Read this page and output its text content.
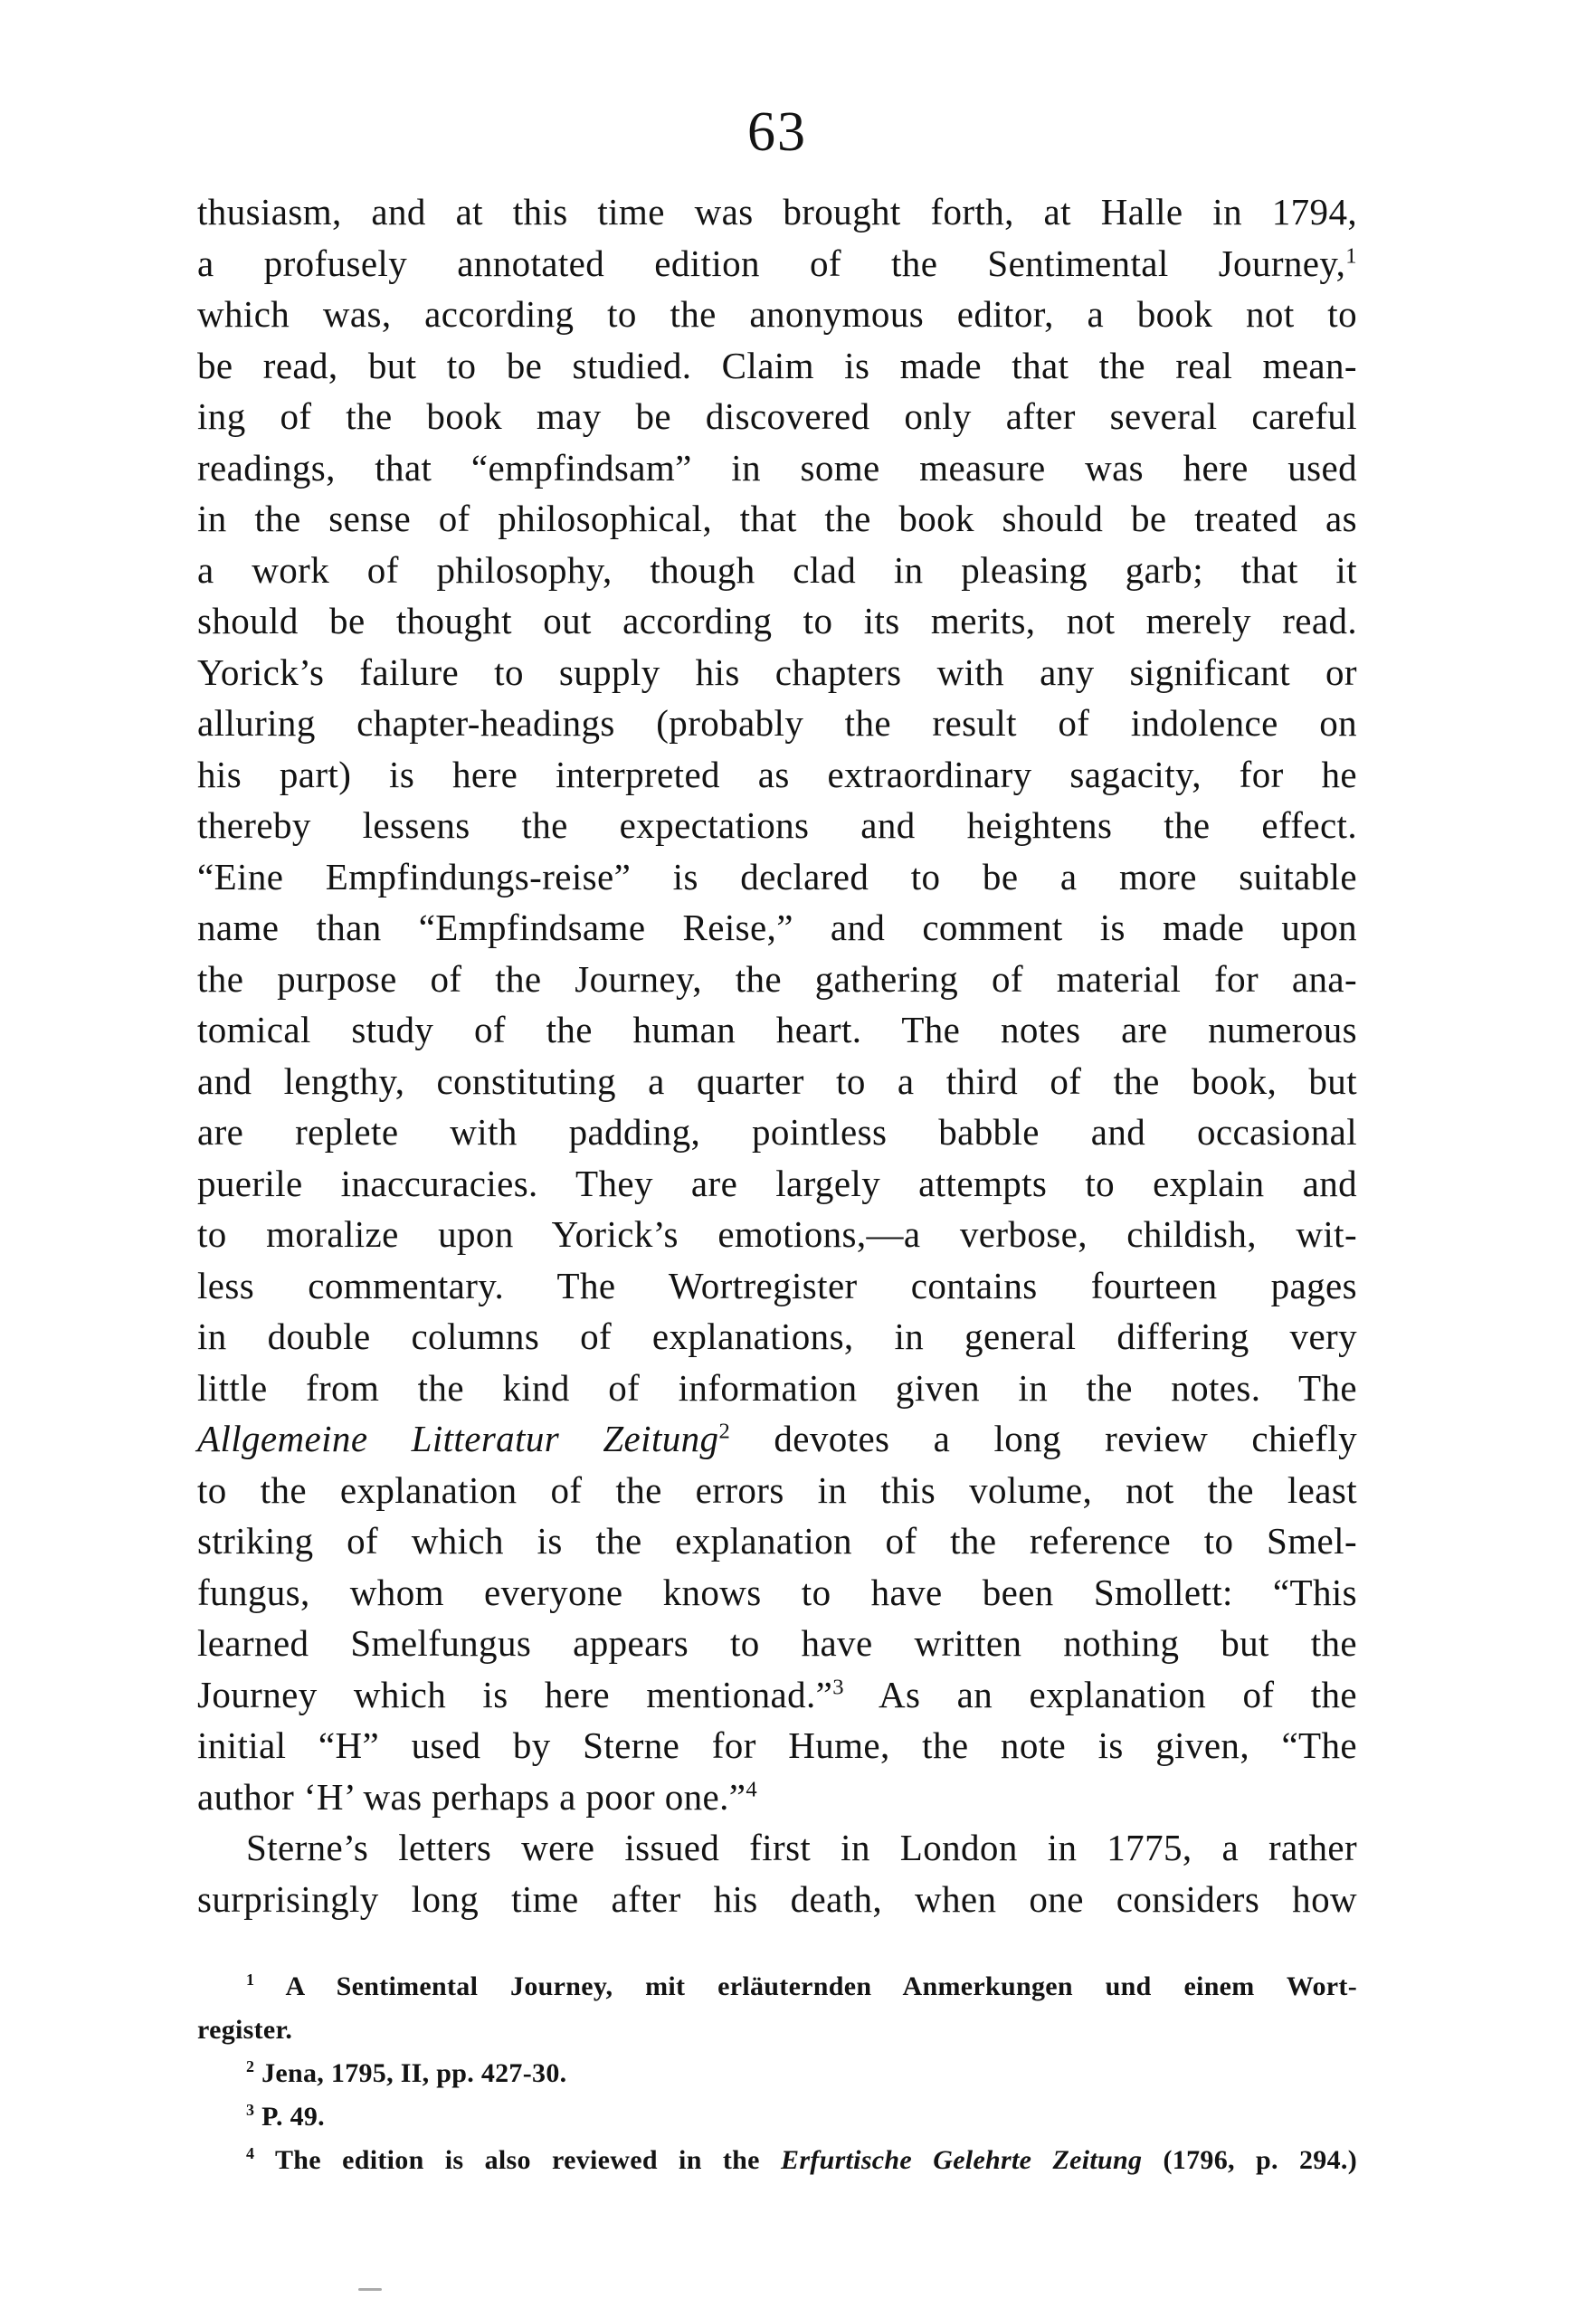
63
thusiasm, and at this time was brought forth, at Halle in 1794,
a profusely annotated edition of the Sentimental Journey,$^1$
which was, according to the anonymous editor, a book not to
be read, but to be studied. Claim is made that the real mean-
ing of the book may be discovered only after several careful
readings, that “empfindsam” in some measure was here used
in the sense of philosophical, that the book should be treated as
a work of philosophy, though clad in pleasing garb; that it
should be thought out according to its merits, not merely read.
Yorick’s failure to supply his chapters with any significant or
alluring chapter-headings (probably the result of indolence on
his part) is here interpreted as extraordinary sagacity, for he
thereby lessens the expectations and heightens the effect.
“Eine Empfindungs-reise” is declared to be a more suitable
name than “Empfindsame Reise,” and comment is made upon
the purpose of the Journey, the gathering of material for ana-
tomical study of the human heart. The notes are numerous
and lengthy, constituting a quarter to a third of the book, but
are replete with padding, pointless babble and occasional
puerile inaccuracies. They are largely attempts to explain and
to moralize upon Yorick’s emotions,—a verbose, childish, wit-
less commentary. The Wortregister contains fourteen pages
in double columns of explanations, in general differing very
little from the kind of information given in the notes. The
Allgemeine Litteratur Zeitung$^2$ devotes a long review chiefly
to the explanation of the errors in this volume, not the least
striking of which is the explanation of the reference to Smel-
fungus, whom everyone knows to have been Smollett: “This
learned Smelfungus appears to have written nothing but the
Journey which is here mentionad.”$^3$ As an explanation of the
initial “H” used by Sterne for Hume, the note is given, “The
author ‘H’ was perhaps a poor one.”$^4$
Sterne’s letters were issued first in London in 1775, a rather
surprisingly long time after his death, when one considers how
$^1$ A Sentimental Journey, mit erläuternden Anmerkungen und einem Wort-
register.
$^2$ Jena, 1795, II, pp. 427-30.
$^3$ P. 49.
$^4$ The edition is also reviewed in the Erfurtische Gelehrte Zeitung (1796, p. 294.)
